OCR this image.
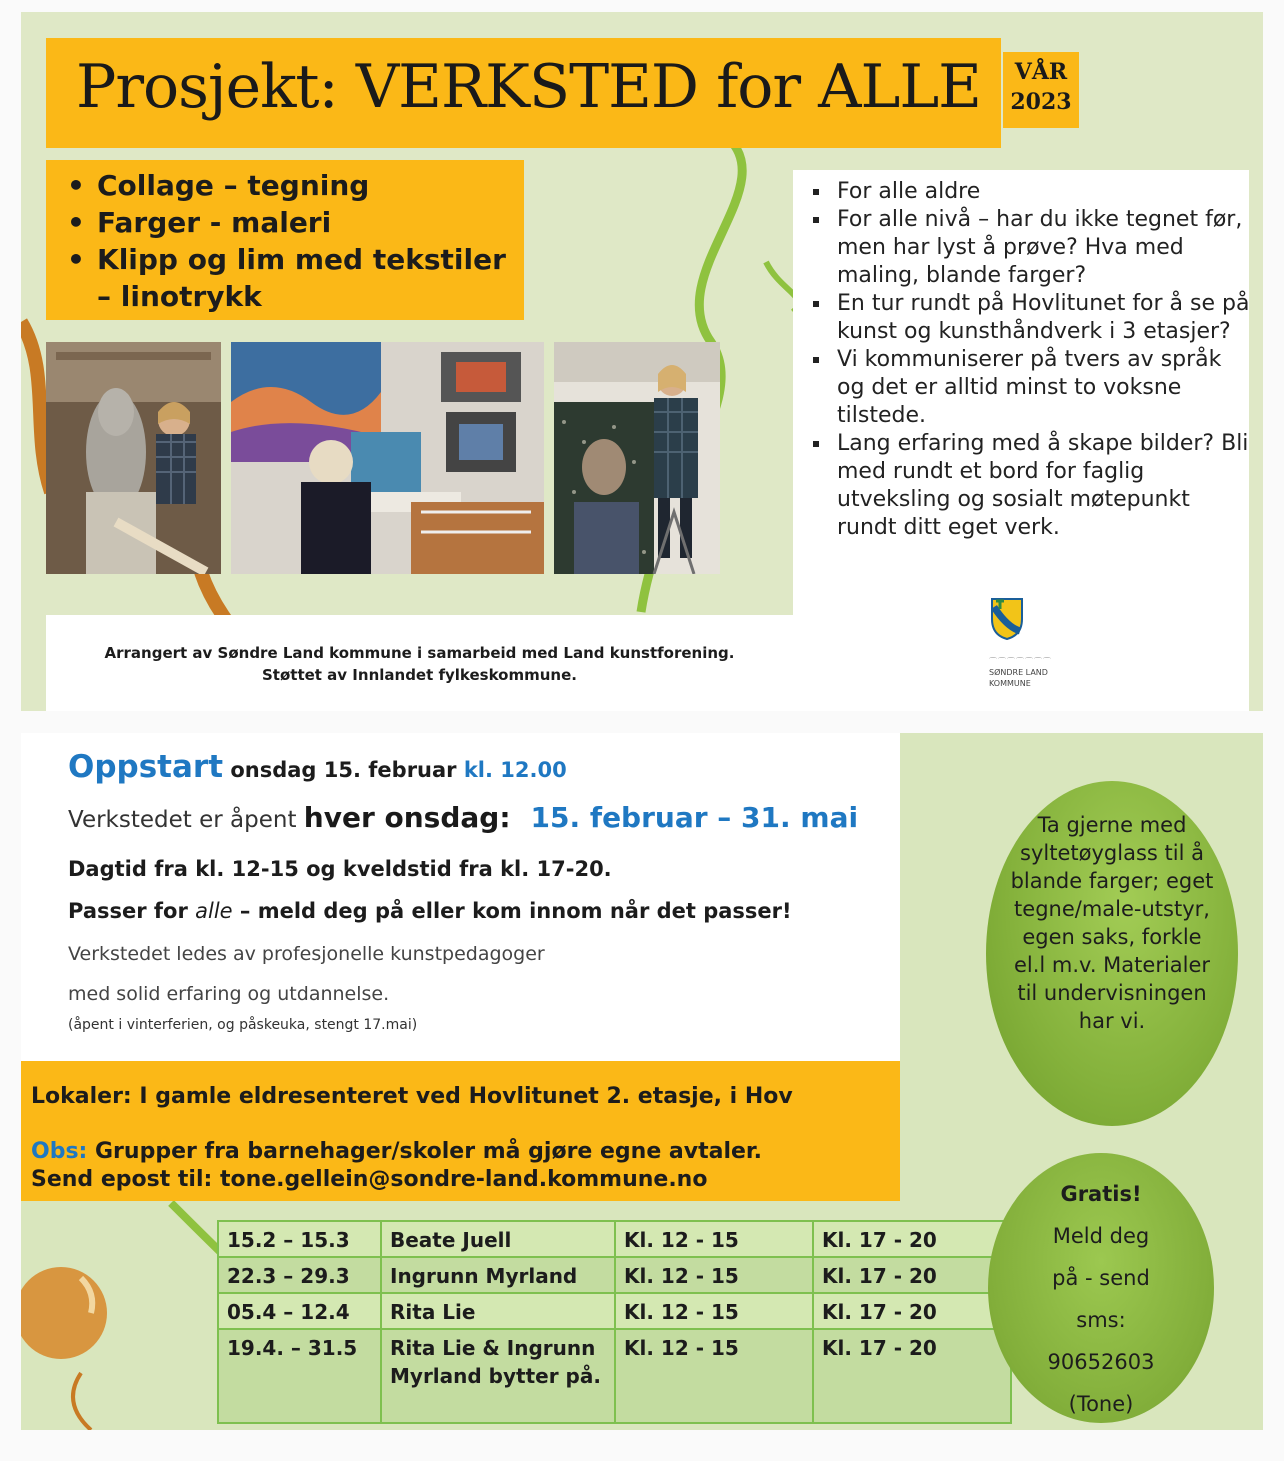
Prosjekt: VERKSTED for ALLE	VÅR
2023
• Collage – tegning
• Farger - maleri
• Klipp og lim med tekstiler – linotrykk
For alle aldre
For alle nivå – har du ikke tegnet før, men har lyst å prøve? Hva med maling, blande farger?
En tur rundt på Hovlitunet for å se på kunst og kunsthåndverk i 3 etasjer?
Vi kommuniserer på tvers av språk og det er alltid minst to voksne tilstede.
Lang erfaring med å skape bilder? Bli med rundt et bord for faglig utveksling og sosialt møtepunkt rundt ditt eget verk.
Arrangert av Søndre Land kommune i samarbeid med Land kunstforening.
Støttet av Innlandet fylkeskommune.
⌒⌒⌒⌒⌒⌒⌒
SØNDRE LAND
KOMMUNE
Oppstart onsdag 15. februar kl. 12.00
Verkstedet er åpent hver onsdag: 15. februar – 31. mai
Dagtid fra kl. 12-15 og kveldstid fra kl. 17-20.
Passer for alle – meld deg på eller kom innom når det passer!
Verkstedet ledes av profesjonelle kunstpedagoger
med solid erfaring og utdannelse.
(åpent i vinterferien, og påskeuka, stengt 17.mai)
Lokaler: I gamle eldresenteret ved Hovlitunet 2. etasje, i Hov
Obs: Grupper fra barnehager/skoler må gjøre egne avtaler.
Send epost til: tone.gellein@sondre-land.kommune.no
Ta gjerne med syltetøyglass til å blande farger; eget tegne/male-utstyr, egen saks, forkle el.l m.v. Materialer til undervisningen har vi.
15.2 – 15.3	Beate Juell	Kl. 12 - 15	Kl. 17 - 20
22.3 – 29.3	Ingrunn Myrland	Kl. 12 - 15	Kl. 17 - 20
05.4 – 12.4	Rita Lie	Kl. 12 - 15	Kl. 17 - 20
19.4. – 31.5	Rita Lie & Ingrunn Myrland bytter på.	Kl. 12 - 15	Kl. 17 - 20
Gratis!
Meld deg
på - send
sms:
90652603
(Tone)
